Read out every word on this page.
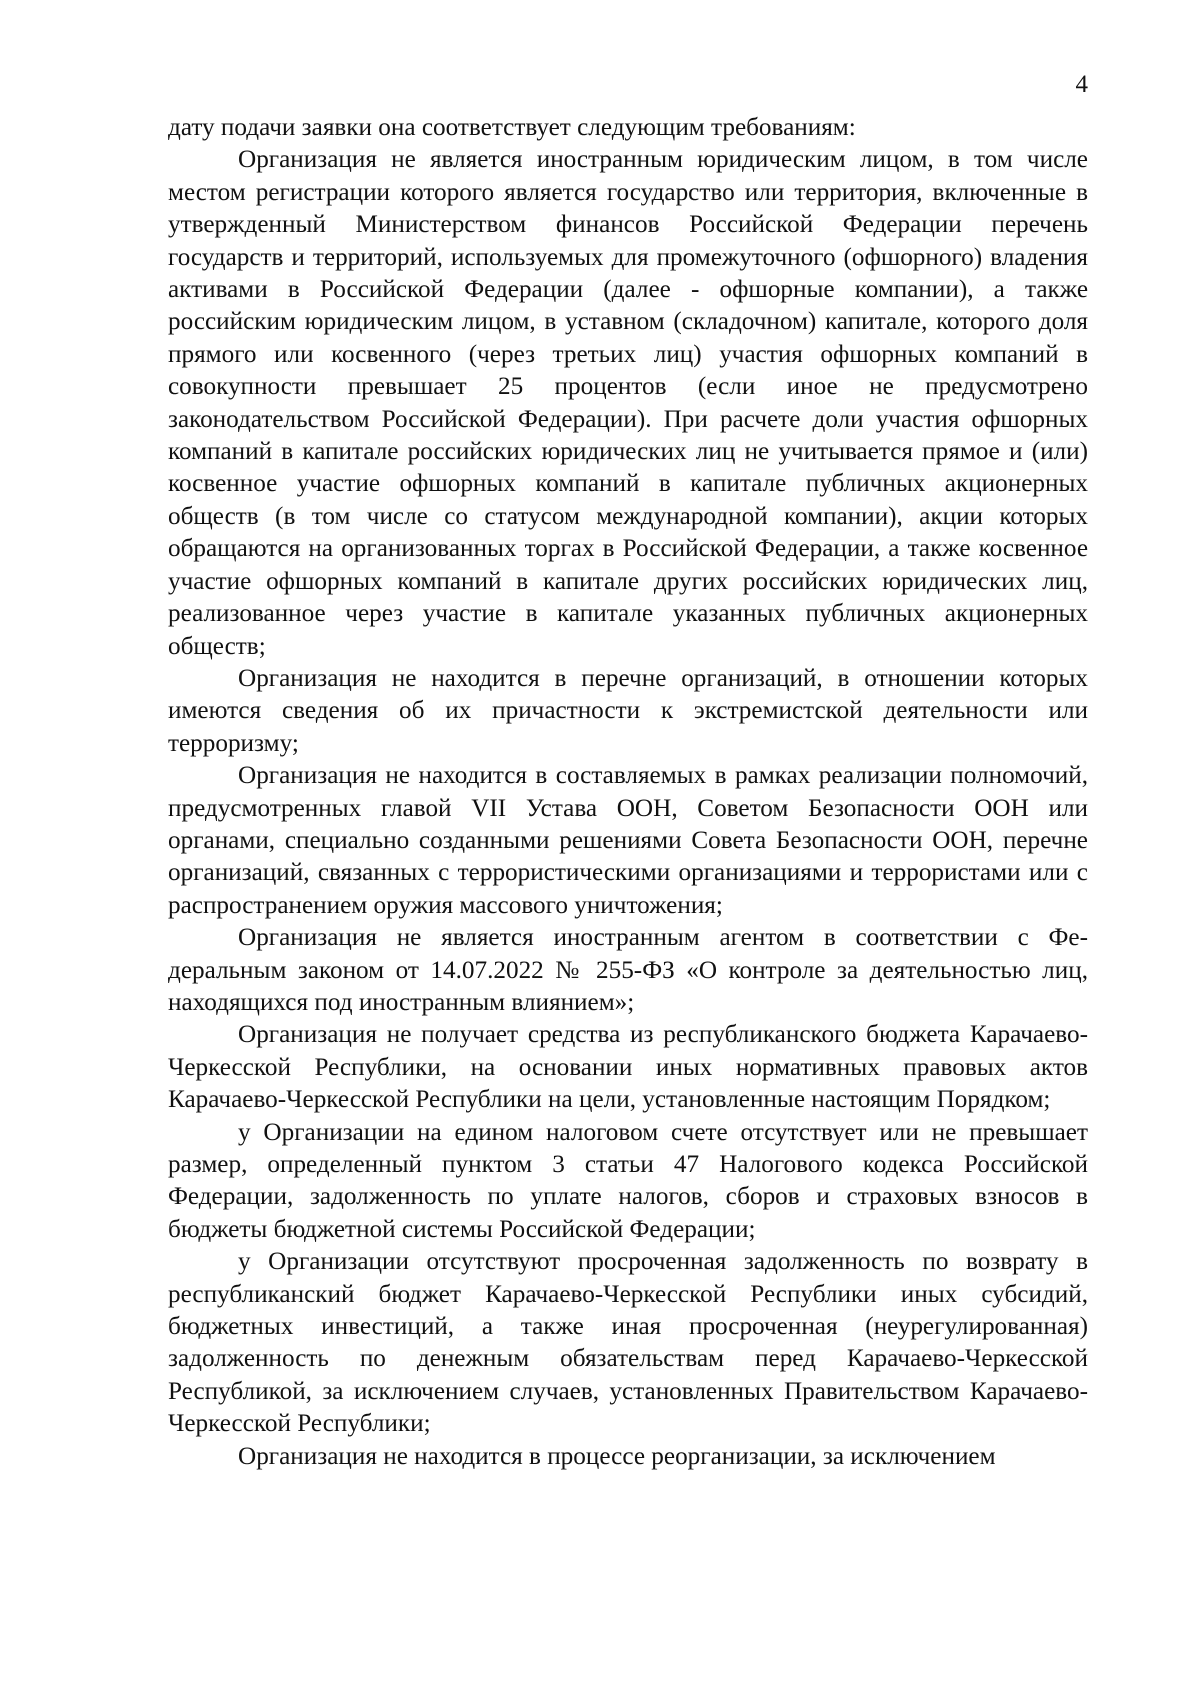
4

дату подачи заявки она соответствует следующим требованиям:

Организация не является иностранным юридическим лицом, в том числе местом регистрации которого является государство или территория, включенные в утвержденный Министерством финансов Российской Федерации перечень государств и территорий, используемых для промежуточного (офшорного) владения активами в Российской Федерации (далее - офшорные компании), а также российским юридическим лицом, в уставном (складочном) капитале, которого доля прямого или косвенного (через третьих лиц) участия офшорных компаний в совокупности превышает 25 процентов (если иное не предусмотрено законодательством Российской Федерации). При расчете доли участия офшорных компаний в капитале российских юридических лиц не учитывается прямое и (или) косвенное участие офшорных компаний в капитале публичных акционерных обществ (в том числе со статусом международной компании), акции которых обращаются на организованных торгах в Российской Федерации, а также косвенное участие офшорных компаний в капитале других российских юридических лиц, реализованное через участие в капитале указанных публичных акционерных обществ;

Организация не находится в перечне организаций, в отношении которых имеются сведения об их причастности к экстремистской деятельности или терроризму;

Организация не находится в составляемых в рамках реализации полномочий, предусмотренных главой VII Устава ООН, Советом Безопасности ООН или органами, специально созданными решениями Совета Безопасности ООН, перечне организаций, связанных с террористическими организациями и террористами или с распространением оружия массового уничтожения;

Организация не является иностранным агентом в соответствии с Федеральным законом от 14.07.2022 № 255-ФЗ «О контроле за деятельностью лиц, находящихся под иностранным влиянием»;

Организация не получает средства из республиканского бюджета Карачаево-Черкесской Республики, на основании иных нормативных правовых актов Карачаево-Черкесской Республики на цели, установленные настоящим Порядком;

у Организации на едином налоговом счете отсутствует или не превышает размер, определенный пунктом 3 статьи 47 Налогового кодекса Российской Федерации, задолженность по уплате налогов, сборов и страховых взносов в бюджеты бюджетной системы Российской Федерации;

у Организации отсутствуют просроченная задолженность по возврату в республиканский бюджет Карачаево-Черкесской Республики иных субсидий, бюджетных инвестиций, а также иная просроченная (неурегулированная) задолженность по денежным обязательствам перед Карачаево-Черкесской Республикой, за исключением случаев, установленных Правительством Карачаево-Черкесской Республики;

Организация не находится в процессе реорганизации, за исключением
